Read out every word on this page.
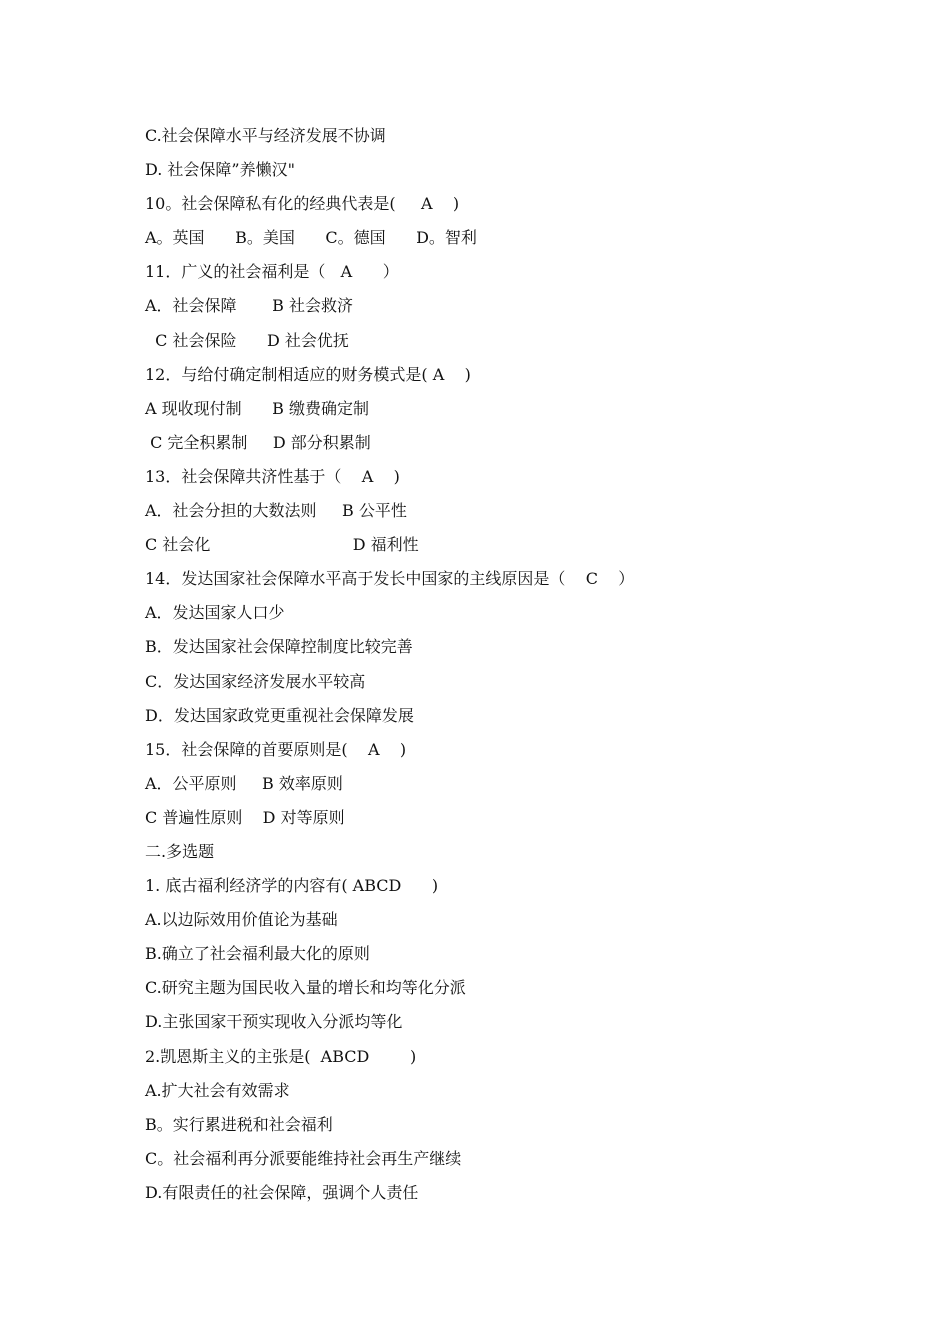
C.社会保障水平与经济发展不协调
D. 社会保障”养懒汉"
10。社会保障私有化的经典代表是(     A    )
A。英国      B。美国      C。德国      D。智利
11．广义的社会福利是（   A      ）
A．社会保障       B 社会救济
C 社会保险      D 社会优抚
12．与给付确定制相适应的财务模式是( A    )
A 现收现付制      B 缴费确定制
C 完全积累制     D 部分积累制
13．社会保障共济性基于（    A    )
A．社会分担的大数法则     B 公平性
C 社会化                            D 福利性
14．发达国家社会保障水平高于发长中国家的主线原因是（    C    ）
A．发达国家人口少
B．发达国家社会保障控制度比较完善
C．发达国家经济发展水平较高
D．发达国家政党更重视社会保障发展
15．社会保障的首要原则是(    A    )
A．公平原则     B 效率原则
C 普遍性原则    D 对等原则
二.多选题
1. 底古福利经济学的内容有( ABCD      )
A.以边际效用价值论为基础
B.确立了社会福利最大化的原则
C.研究主题为国民收入量的增长和均等化分派
D.主张国家干预实现收入分派均等化
2.凯恩斯主义的主张是(  ABCD        )
A.扩大社会有效需求
B。实行累进税和社会福利
C。社会福利再分派要能维持社会再生产继续
D.有限责任的社会保障，强调个人责任
